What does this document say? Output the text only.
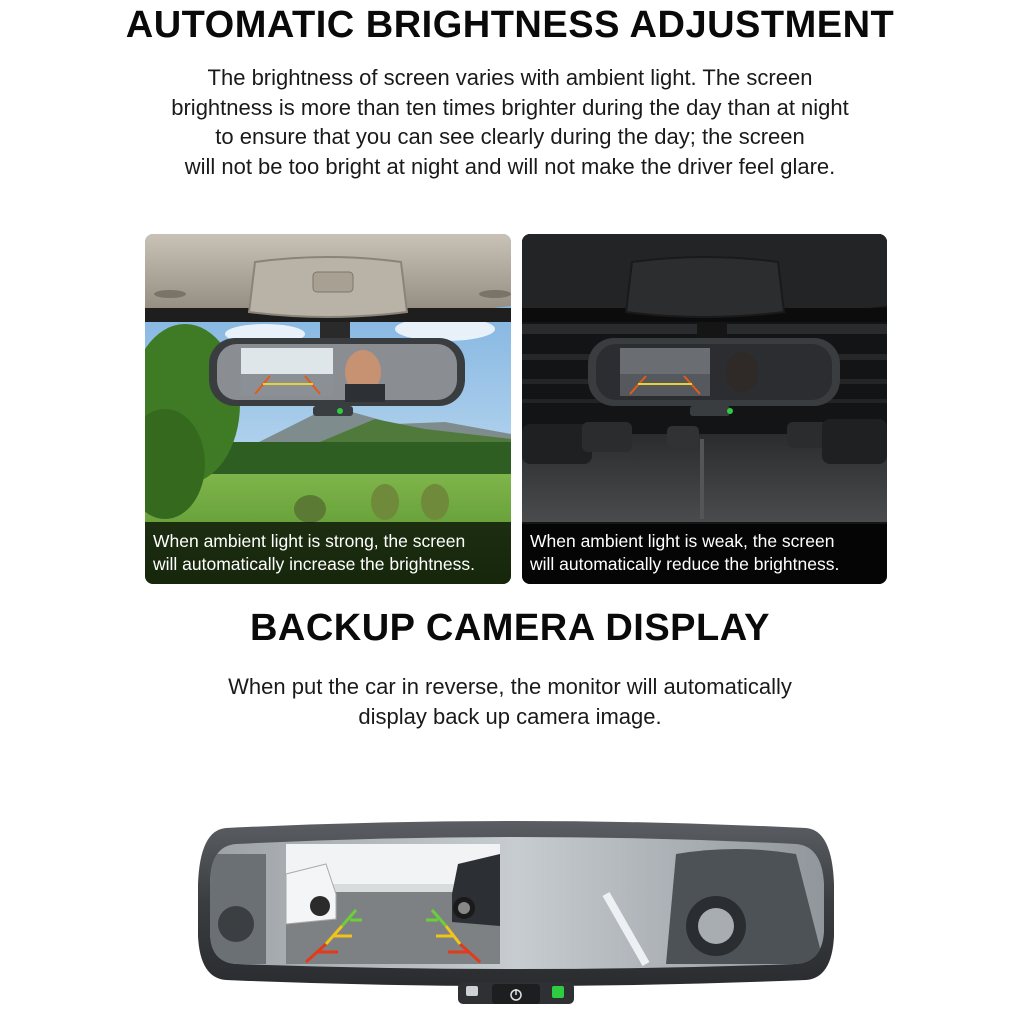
AUTOMATIC BRIGHTNESS ADJUSTMENT
The brightness of screen varies with ambient light. The screen
brightness is more than ten times brighter during the day than at night
to ensure that you can see clearly during the day; the screen
will not be too bright at night and will not make the driver feel glare.
When ambient light is strong, the screen
will automatically increase the brightness.
When ambient light is weak, the screen
will automatically reduce the brightness.
BACKUP CAMERA DISPLAY
When put the car in reverse, the monitor will automatically
display back up camera image.
